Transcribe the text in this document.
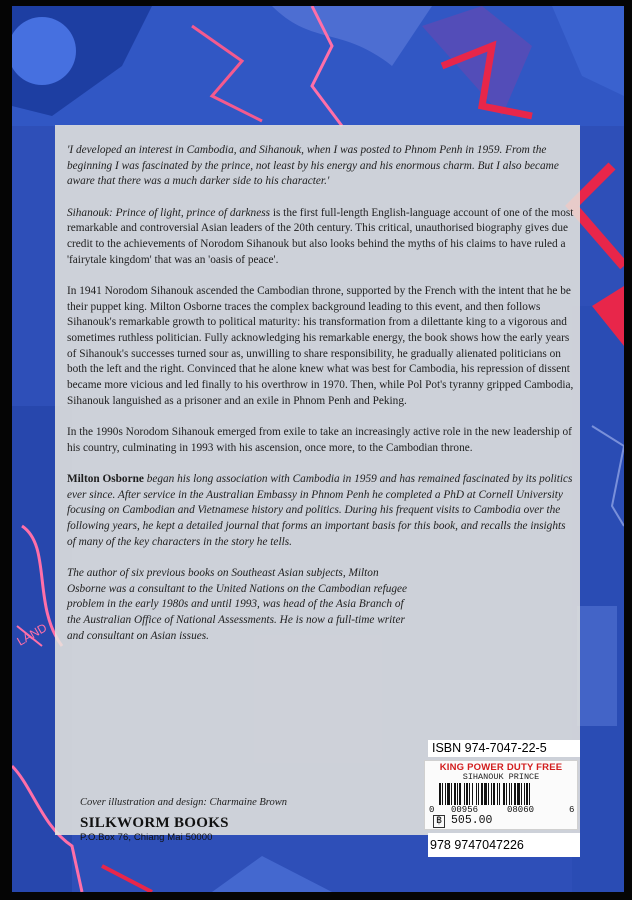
LAND

'I developed an interest in Cambodia, and Sihanouk, when I was posted to Phnom Penh in 1959. From the beginning I was fascinated by the prince, not least by his energy and his enormous charm. But I also became aware that there was a much darker side to his character.'

Sihanouk: Prince of light, prince of darkness is the first full-length English-language account of one of the most remarkable and controversial Asian leaders of the 20th century. This critical, unauthorised biography gives due credit to the achievements of Norodom Sihanouk but also looks behind the myths of his claims to have ruled a 'fairytale kingdom' that was an 'oasis of peace'.

In 1941 Norodom Sihanouk ascended the Cambodian throne, supported by the French with the intent that he be their puppet king. Milton Osborne traces the complex background leading to this event, and then follows Sihanouk's remarkable growth to political maturity: his transformation from a dilettante king to a vigorous and sometimes ruthless politician. Fully acknowledging his remarkable energy, the book shows how the early years of Sihanouk's successes turned sour as, unwilling to share responsibility, he gradually alienated politicians on both the left and the right. Convinced that he alone knew what was best for Cambodia, his repression of dissent became more vicious and led finally to his overthrow in 1970. Then, while Pol Pot's tyranny gripped Cambodia, Sihanouk languished as a prisoner and an exile in Phnom Penh and Peking.

In the 1990s Norodom Sihanouk emerged from exile to take an increasingly active role in the new leadership of his country, culminating in 1993 with his ascension, once more, to the Cambodian throne.

Milton Osborne began his long association with Cambodia in 1959 and has remained fascinated by its politics ever since. After service in the Australian Embassy in Phnom Penh he completed a PhD at Cornell University focusing on Cambodian and Vietnamese history and politics. During his frequent visits to Cambodia over the following years, he kept a detailed journal that forms an important basis for this book, and recalls the insights of many of the key characters in the story he tells.

The author of six previous books on Southeast Asian subjects, Milton Osborne was a consultant to the United Nations on the Cambodian refugee problem in the early 1980s and until 1993, was head of the Asia Branch of the Australian Office of National Assessments. He is now a full-time writer and consultant on Asian issues.

Cover illustration and design: Charmaine Brown
SILKWORM BOOKS
P.O.Box 76, Chiang Mai 50000
ISBN 974-7047-22-5
KING POWER DUTY FREE
SIHANOUK PRINCE
0 00956	08060	6
฿ 505.00
978 9747047226
